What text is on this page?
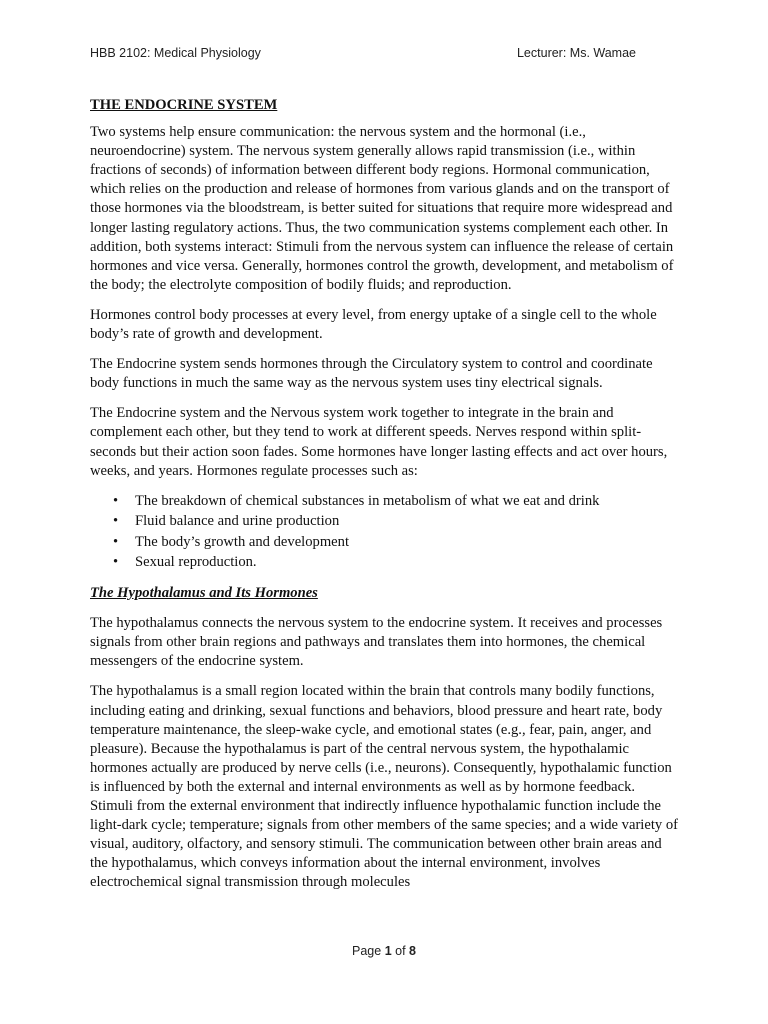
HBB 2102: Medical Physiology	Lecturer: Ms. Wamae
THE ENDOCRINE SYSTEM

Two systems help ensure communication: the nervous system and the hormonal (i.e., neuroendocrine) system. The nervous system generally allows rapid transmission (i.e., within fractions of seconds) of information between different body regions. Hormonal communication, which relies on the production and release of hormones from various glands and on the transport of those hormones via the bloodstream, is better suited for situations that require more widespread and longer lasting regulatory actions. Thus, the two communication systems complement each other. In addition, both systems interact: Stimuli from the nervous system can influence the release of certain hormones and vice versa. Generally, hormones control the growth, development, and metabolism of the body; the electrolyte composition of bodily fluids; and reproduction.

Hormones control body processes at every level, from energy uptake of a single cell to the whole body’s rate of growth and development.

The Endocrine system sends hormones through the Circulatory system to control and coordinate body functions in much the same way as the nervous system uses tiny electrical signals.

The Endocrine system and the Nervous system work together to integrate in the brain and complement each other, but they tend to work at different speeds. Nerves respond within split-seconds but their action soon fades. Some hormones have longer lasting effects and act over hours, weeks, and years. Hormones regulate processes such as:

• The breakdown of chemical substances in metabolism of what we eat and drink
• Fluid balance and urine production
• The body’s growth and development
• Sexual reproduction.
The Hypothalamus and Its Hormones

The hypothalamus connects the nervous system to the endocrine system. It receives and processes signals from other brain regions and pathways and translates them into hormones, the chemical messengers of the endocrine system.

The hypothalamus is a small region located within the brain that controls many bodily functions, including eating and drinking, sexual functions and behaviors, blood pressure and heart rate, body temperature maintenance, the sleep-wake cycle, and emotional states (e.g., fear, pain, anger, and pleasure). Because the hypothalamus is part of the central nervous system, the hypothalamic hormones actually are produced by nerve cells (i.e., neurons). Consequently, hypothalamic function is influenced by both the external and internal environments as well as by hormone feedback. Stimuli from the external environment that indirectly influence hypothalamic function include the light-dark cycle; temperature; signals from other members of the same species; and a wide variety of visual, auditory, olfactory, and sensory stimuli. The communication between other brain areas and the hypothalamus, which conveys information about the internal environment, involves electrochemical signal transmission through molecules

Page 1 of 8
